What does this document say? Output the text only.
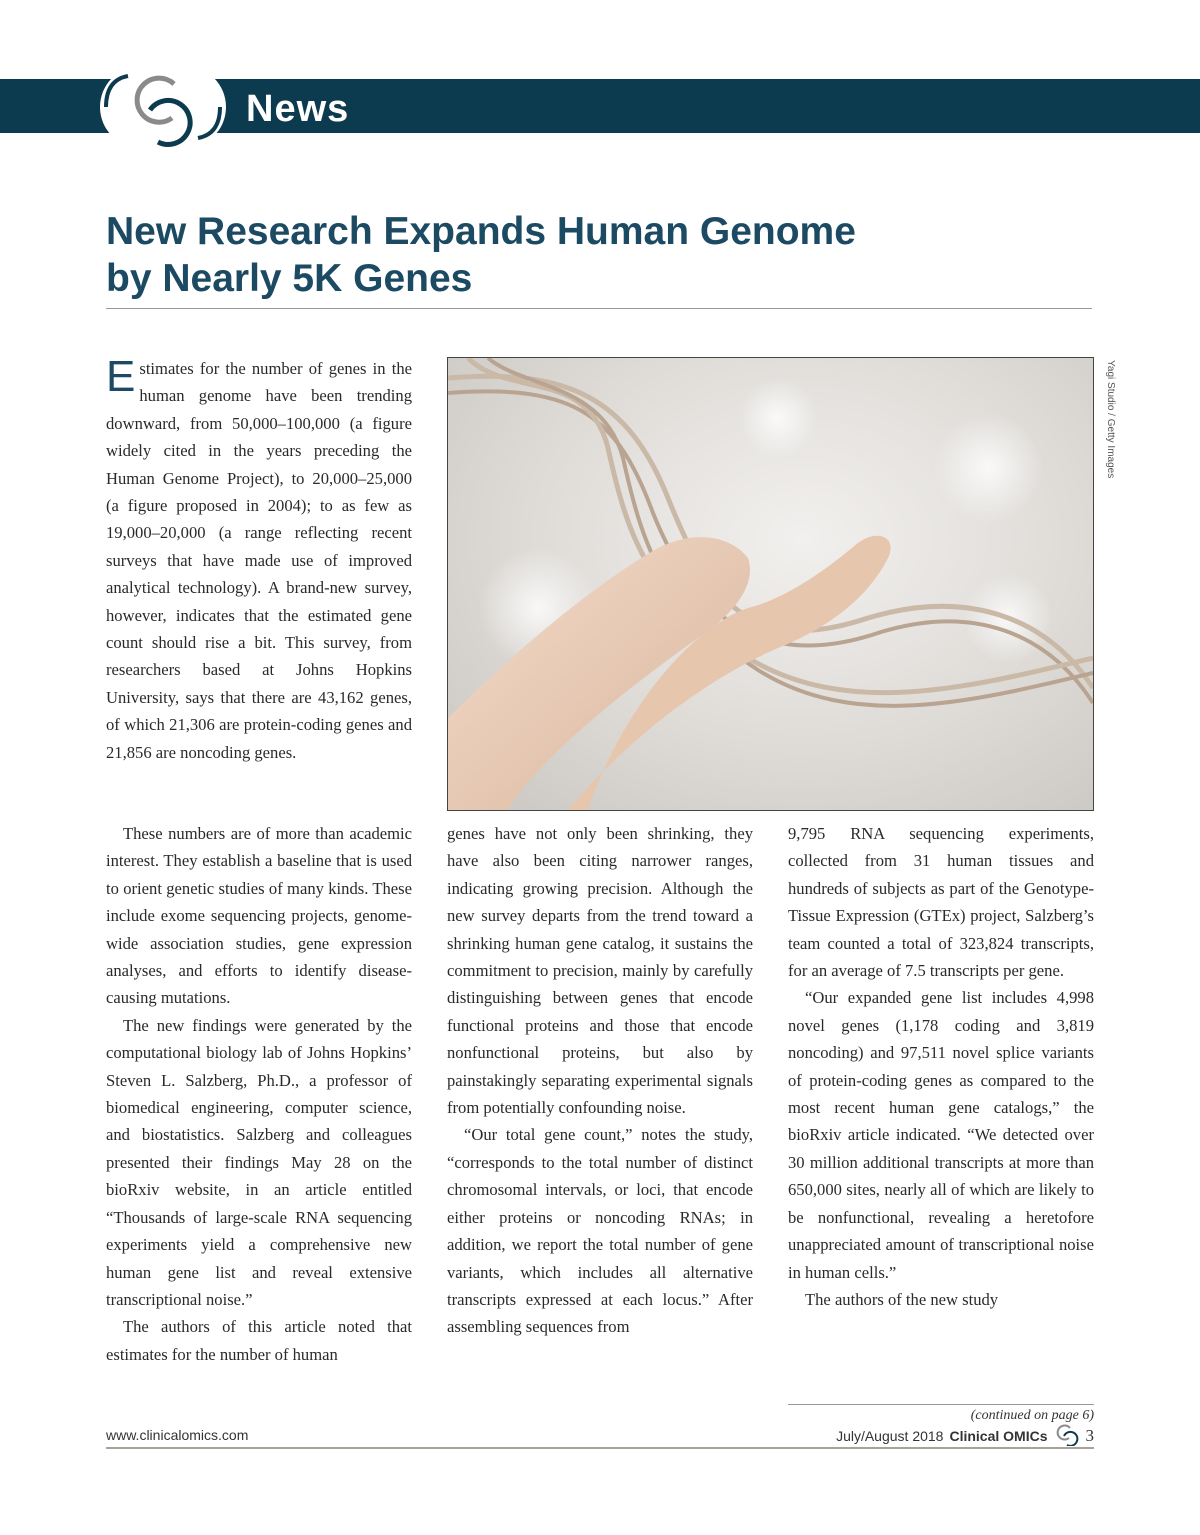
News
New Research Expands Human Genome
by Nearly 5K Genes
Yagi Studio / Getty Images

Estimates for the number of genes in the human genome have been trending downward, from 50,000–100,000 (a figure widely cited in the years preceding the Human Genome Project), to 20,000–25,000 (a figure proposed in 2004); to as few as 19,000–20,000 (a range reflecting recent surveys that have made use of improved analytical technology). A brand-new survey, however, indicates that the estimated gene count should rise a bit. This survey, from researchers based at Johns Hopkins University, says that there are 43,162 genes, of which 21,306 are protein-coding genes and 21,856 are noncoding genes.

These numbers are of more than academic interest. They establish a baseline that is used to orient genetic studies of many kinds. These include exome sequencing projects, genome-wide association studies, gene expression analyses, and efforts to identify disease-causing mutations.

The new findings were generated by the computational biology lab of Johns Hopkins’ Steven L. Salzberg, Ph.D., a professor of biomedical engineering, computer science, and biostatistics. Salzberg and colleagues presented their findings May 28 on the bioRxiv website, in an article entitled “Thousands of large-scale RNA sequencing experiments yield a comprehensive new human gene list and reveal extensive transcriptional noise.”

The authors of this article noted that estimates for the number of human

genes have not only been shrinking, they have also been citing narrower ranges, indicating growing precision. Although the new survey departs from the trend toward a shrinking human gene catalog, it sustains the commitment to precision, mainly by carefully distinguishing between genes that encode functional proteins and those that encode nonfunctional proteins, but also by painstakingly separating experimental signals from potentially confounding noise.

“Our total gene count,” notes the study, “corresponds to the total number of distinct chromosomal intervals, or loci, that encode either proteins or noncoding RNAs; in addition, we report the total number of gene variants, which includes all alternative transcripts expressed at each locus.” After assembling sequences from

9,795 RNA sequencing experiments, collected from 31 human tissues and hundreds of subjects as part of the Genotype-Tissue Expression (GTEx) project, Salzberg’s team counted a total of 323,824 transcripts, for an average of 7.5 transcripts per gene.

“Our expanded gene list includes 4,998 novel genes (1,178 coding and 3,819 noncoding) and 97,511 novel splice variants of protein-coding genes as compared to the most recent human gene catalogs,” the bioRxiv article indicated. “We detected over 30 million additional transcripts at more than 650,000 sites, nearly all of which are likely to be nonfunctional, revealing a heretofore unappreciated amount of transcriptional noise in human cells.”

The authors of the new study

(continued on page 6)
www.clinicalomics.com	July/August 2018 Clinical OMICs 3
